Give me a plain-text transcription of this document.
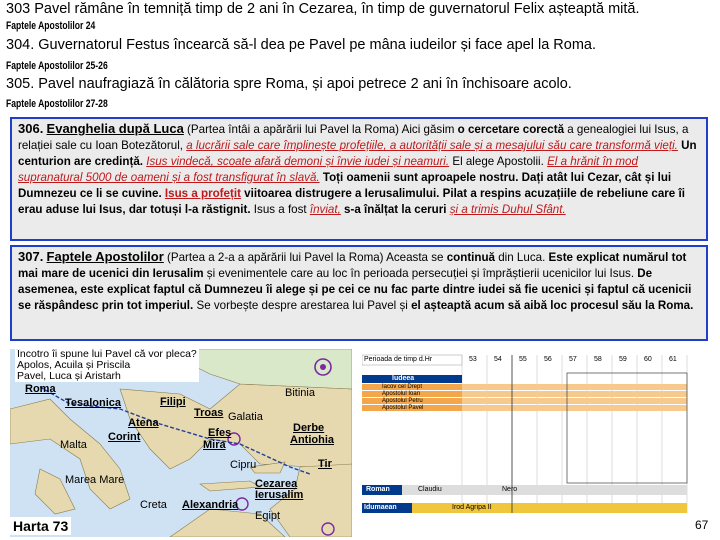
303 Pavel rămâne în temniță timp de 2 ani în Cezarea, în timp de guvernatorul Felix așteaptă mită.
Faptele Apostolilor 24
304. Guvernatorul Festus încearcă să-l dea pe Pavel pe mâna iudeilor și face apel la Roma.
Faptele Apostolilor 25-26
305. Pavel naufragiază în călătoria spre Roma, și apoi petrece 2 ani în închisoare acolo.
Faptele Apostolilor 27-28
306. Evanghelia după Luca (Partea întâi a apărării lui Pavel la Roma) Aici găsim o cercetare corectă a genealogiei lui Isus, a relației sale cu Ioan Botezătorul, a lucrării sale care împlinește profețiile, a autorității sale și a mesajului său care transformă vieți. Un centurion are credință. Isus vindecă, scoate afară demoni și învie iudei și neamuri. El alege Apostolii. El a hrănit în mod supranatural 5000 de oameni și a fost transfigurat în slavă. Toți oamenii sunt aproapele nostru. Dați atât lui Cezar, cât și lui Dumnezeu ce li se cuvine. Isus a profețit viitoarea distrugere a Ierusalimului. Pilat a respins acuzațiile de rebeliune care îi erau aduse lui Isus, dar totuși l-a răstignit. Isus a fost înviat, s-a înălțat la ceruri și a trimis Duhul Sfânt.
307. Faptele Apostolilor (Partea a 2-a a apărării lui Pavel la Roma) Aceasta se continuă din Luca. Este explicat numărul tot mai mare de ucenici din Ierusalim și evenimentele care au loc în perioada persecuției și împrăștierii ucenicilor lui Isus. De asemenea, este explicat faptul că Dumnezeu îi alege și pe cei ce nu fac parte dintre iudei să fie ucenici și faptul că ucenicii se răspândesc prin tot imperiul. Se vorbește despre arestarea lui Pavel și el așteaptă acum să aibă loc procesul său la Roma.
Încotro îi spune lui Pavel că vor pleca?
Apolos, Acuila și Priscila
Pavel, Luca și Aristarh
Roma
Tesalonica	Filipi
Troas
Bitinia
Galatia
Atena
Efes	Derbe
Corint
Mira	Antiohia
Malta
Cipru	Tir
Marea Mare	Cezarea
Ierusalim
Alexandria
Creta
Egipt
Harta 73
Perioada de timp d.Hr	53 54 55 56 57 58 59 60 61
Iudeea
Iacov cel Drept
Apostolul Ioan
Apostolul Petru
Apostolul Pavel
Roman
Idumaean
Claudiu	Nero
Irod Agripa II
67
